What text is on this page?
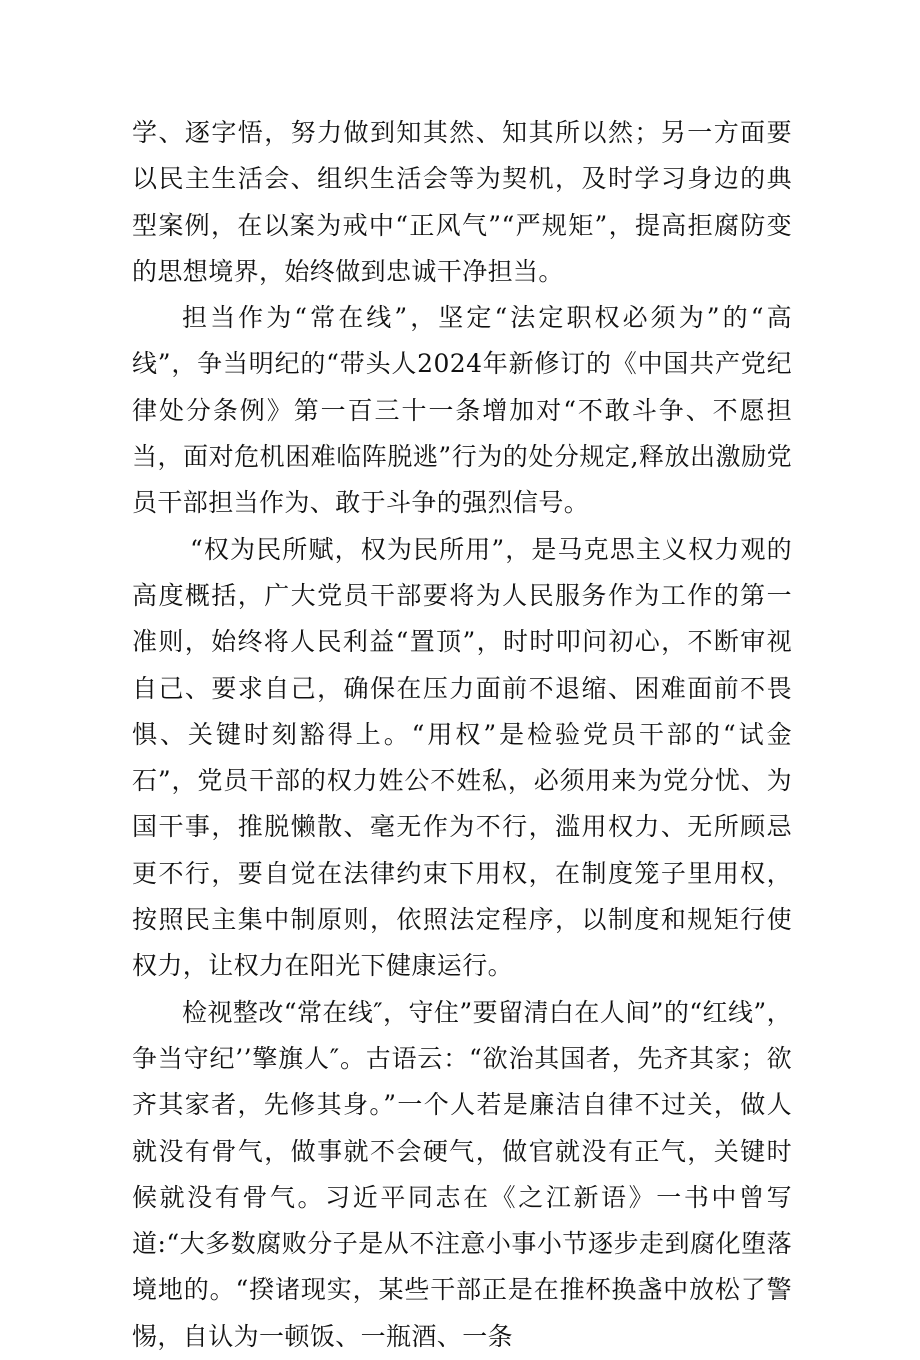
学、逐字悟，努力做到知其然、知其所以然；另一方面要以民主生活会、组织生活会等为契机，及时学习身边的典型案例，在以案为戒中“正风气”“严规矩”，提高拒腐防变的思想境界，始终做到忠诚干净担当。

担当作为“常在线”，坚定“法定职权必须为”的“高线”，争当明纪的“带头人2024年新修订的《中国共产党纪律处分条例》第一百三十一条增加对“不敢斗争、不愿担当，面对危机困难临阵脱逃”行为的处分规定,释放出激励党员干部担当作为、敢于斗争的强烈信号。

“权为民所赋，权为民所用”，是马克思主义权力观的高度概括，广大党员干部要将为人民服务作为工作的第一准则，始终将人民利益“置顶”，时时叩问初心，不断审视自己、要求自己，确保在压力面前不退缩、困难面前不畏惧、关键时刻豁得上。“用权”是检验党员干部的“试金石”，党员干部的权力姓公不姓私，必须用来为党分忧、为国干事，推脱懒散、毫无作为不行，滥用权力、无所顾忌更不行，要自觉在法律约束下用权，在制度笼子里用权，按照民主集中制原则，依照法定程序，以制度和规矩行使权力，让权力在阳光下健康运行。

检视整改“常在线″，守住”要留清白在人间”的“红线”，争当守纪’’擎旗人″。古语云：“欲治其国者，先齐其家；欲齐其家者，先修其身。”一个人若是廉洁自律不过关，做人就没有骨气，做事就不会硬气，做官就没有正气，关键时候就没有骨气。习近平同志在《之江新语》一书中曾写道:“大多数腐败分子是从不注意小事小节逐步走到腐化堕落境地的。“揆诸现实，某些干部正是在推杯换盏中放松了警惕，自认为一顿饭、一瓶酒、一条
